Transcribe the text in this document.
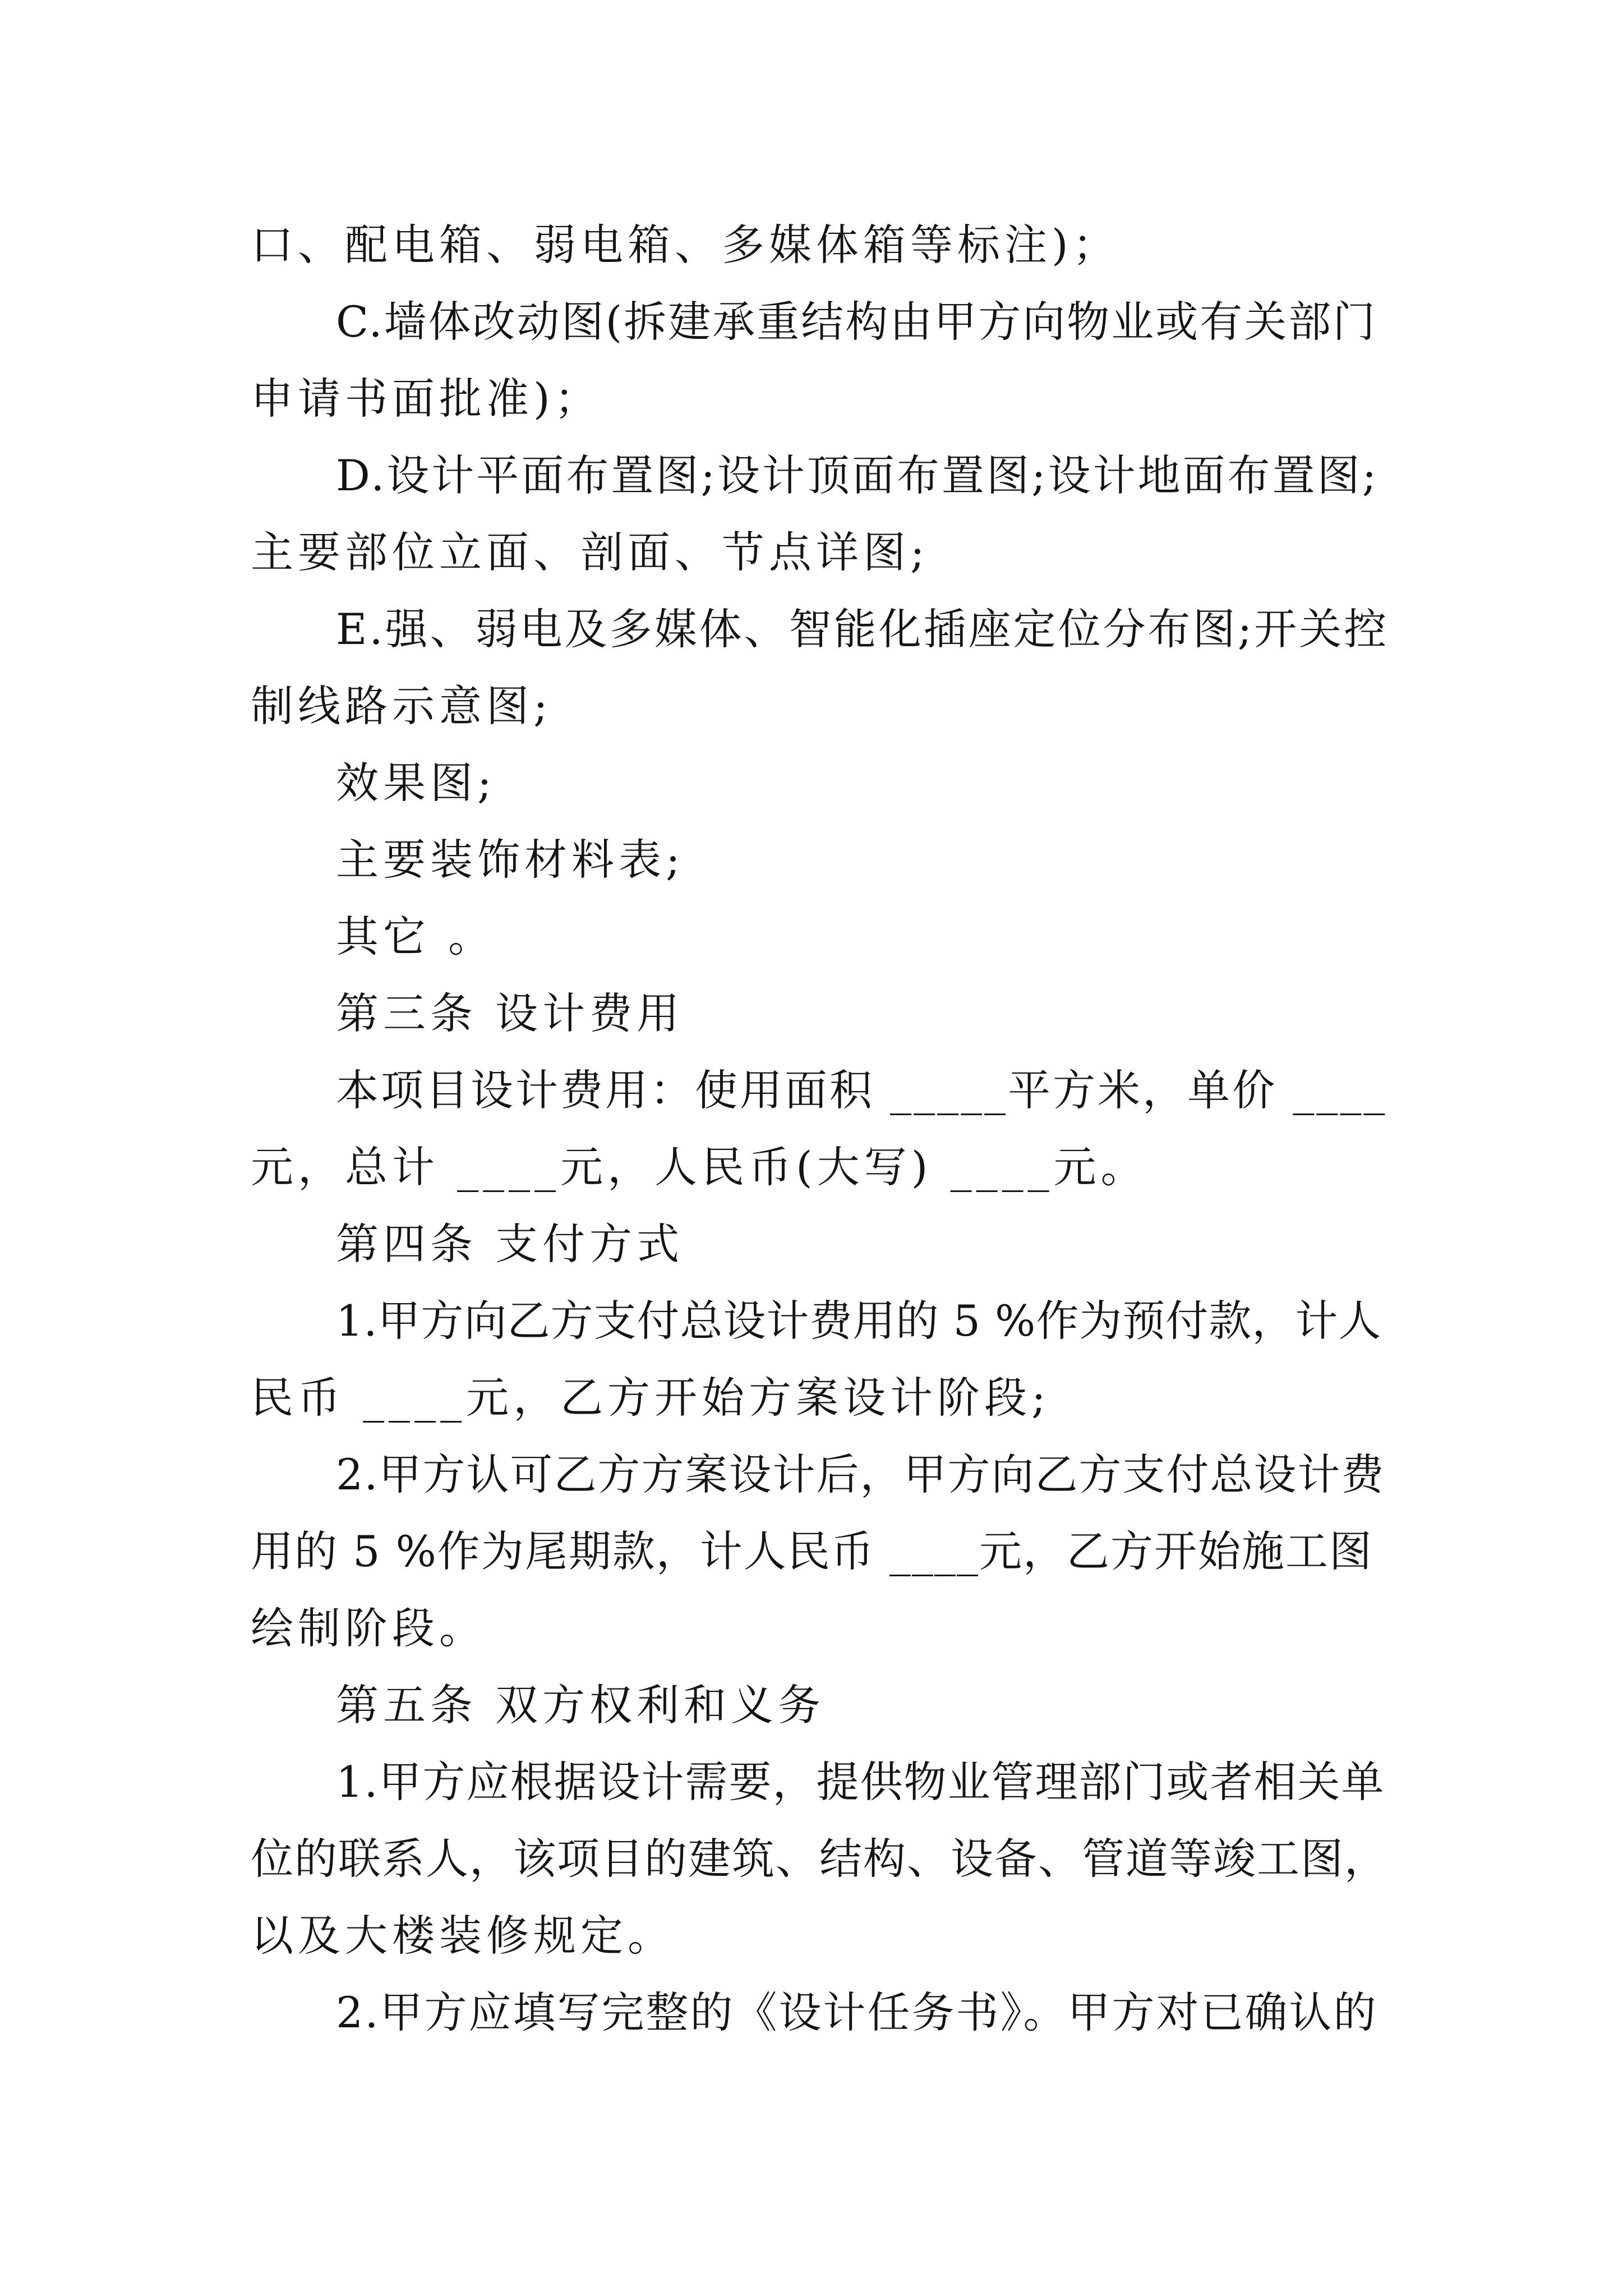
口、配电箱、弱电箱、多媒体箱等标注)；
C.墙体改动图(拆建承重结构由甲方向物业或有关部门
申请书面批准)；
D.设计平面布置图;设计顶面布置图;设计地面布置图;
主要部位立面、剖面、节点详图;
E.强、弱电及多媒体、智能化插座定位分布图;开关控
制线路示意图;
效果图;
主要装饰材料表;
其它 。
第三条 设计费用
本项目设计费用：使用面积 _____平方米，单价 ____
元，总计 ____元，人民币(大写) ____元。
第四条 支付方式
1.甲方向乙方支付总设计费用的 5 %作为预付款，计人
民币 ____元，乙方开始方案设计阶段;
2.甲方认可乙方方案设计后，甲方向乙方支付总设计费
用的 5 %作为尾期款，计人民币 ____元，乙方开始施工图
绘制阶段。
第五条 双方权利和义务
1.甲方应根据设计需要，提供物业管理部门或者相关单
位的联系人，该项目的建筑、结构、设备、管道等竣工图，
以及大楼装修规定。
2.甲方应填写完整的《设计任务书》。甲方对已确认的
